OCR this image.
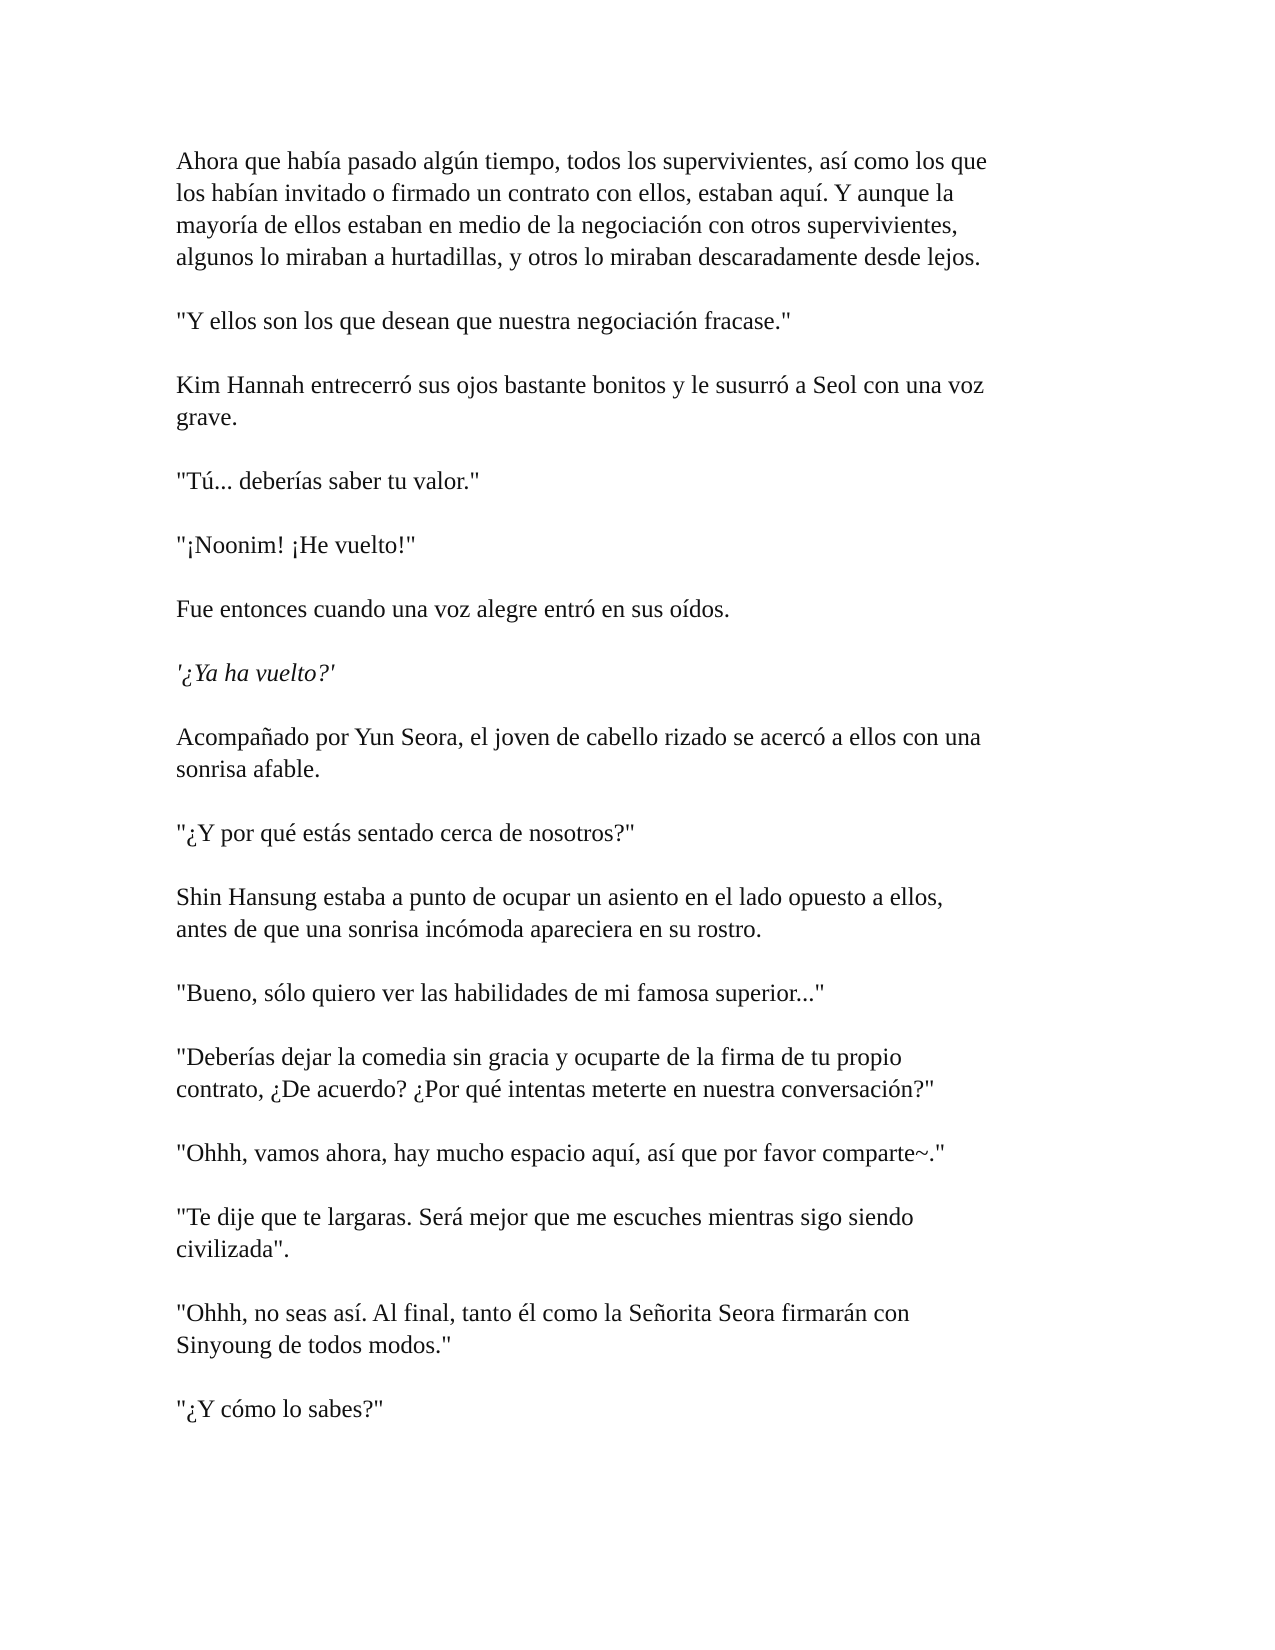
Ahora que había pasado algún tiempo, todos los supervivientes, así como los que
los habían invitado o firmado un contrato con ellos, estaban aquí. Y aunque la
mayoría de ellos estaban en medio de la negociación con otros supervivientes,
algunos lo miraban a hurtadillas, y otros lo miraban descaradamente desde lejos.

"Y ellos son los que desean que nuestra negociación fracase."

Kim Hannah entrecerró sus ojos bastante bonitos y le susurró a Seol con una voz
grave.

"Tú... deberías saber tu valor."

"¡Noonim! ¡He vuelto!"

Fue entonces cuando una voz alegre entró en sus oídos.

'¿Ya ha vuelto?'

Acompañado por Yun Seora, el joven de cabello rizado se acercó a ellos con una
sonrisa afable.

"¿Y por qué estás sentado cerca de nosotros?"

Shin Hansung estaba a punto de ocupar un asiento en el lado opuesto a ellos,
antes de que una sonrisa incómoda apareciera en su rostro.

"Bueno, sólo quiero ver las habilidades de mi famosa superior..."

"Deberías dejar la comedia sin gracia y ocuparte de la firma de tu propio
contrato, ¿De acuerdo? ¿Por qué intentas meterte en nuestra conversación?"

"Ohhh, vamos ahora, hay mucho espacio aquí, así que por favor comparte~."

"Te dije que te largaras. Será mejor que me escuches mientras sigo siendo
civilizada".

"Ohhh, no seas así. Al final, tanto él como la Señorita Seora firmarán con
Sinyoung de todos modos."

"¿Y cómo lo sabes?"
